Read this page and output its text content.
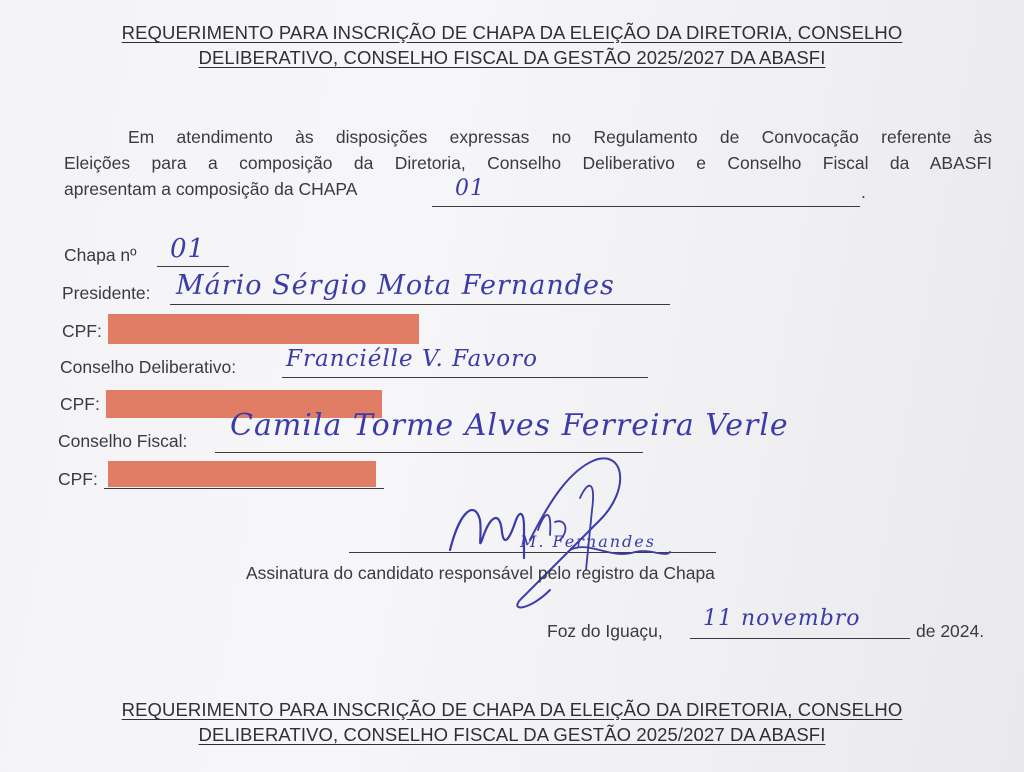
REQUERIMENTO PARA INSCRIÇÃO DE CHAPA DA ELEIÇÃO DA DIRETORIA, CONSELHO
DELIBERATIVO, CONSELHO FISCAL DA GESTÃO 2025/2027 DA ABASFI
Em atendimento às disposições expressas no Regulamento de Convocação referente às
Eleições para a composição da Diretoria, Conselho Deliberativo e Conselho Fiscal da ABASFI
apresentam a composição da CHAPA	.
01
Chapa nº 01
Presidente: Mário Sérgio Mota Fernandes
CPF:
Conselho Deliberativo: Franciélle V. Favoro
CPF:
Conselho Fiscal: Camila Torme Alves Ferreira Verle
CPF:
M. Fernandes
Assinatura do candidato responsável pelo registro da Chapa
Foz do Iguaçu, 11 novembro	de 2024.
REQUERIMENTO PARA INSCRIÇÃO DE CHAPA DA ELEIÇÃO DA DIRETORIA, CONSELHO
DELIBERATIVO, CONSELHO FISCAL DA GESTÃO 2025/2027 DA ABASFI
